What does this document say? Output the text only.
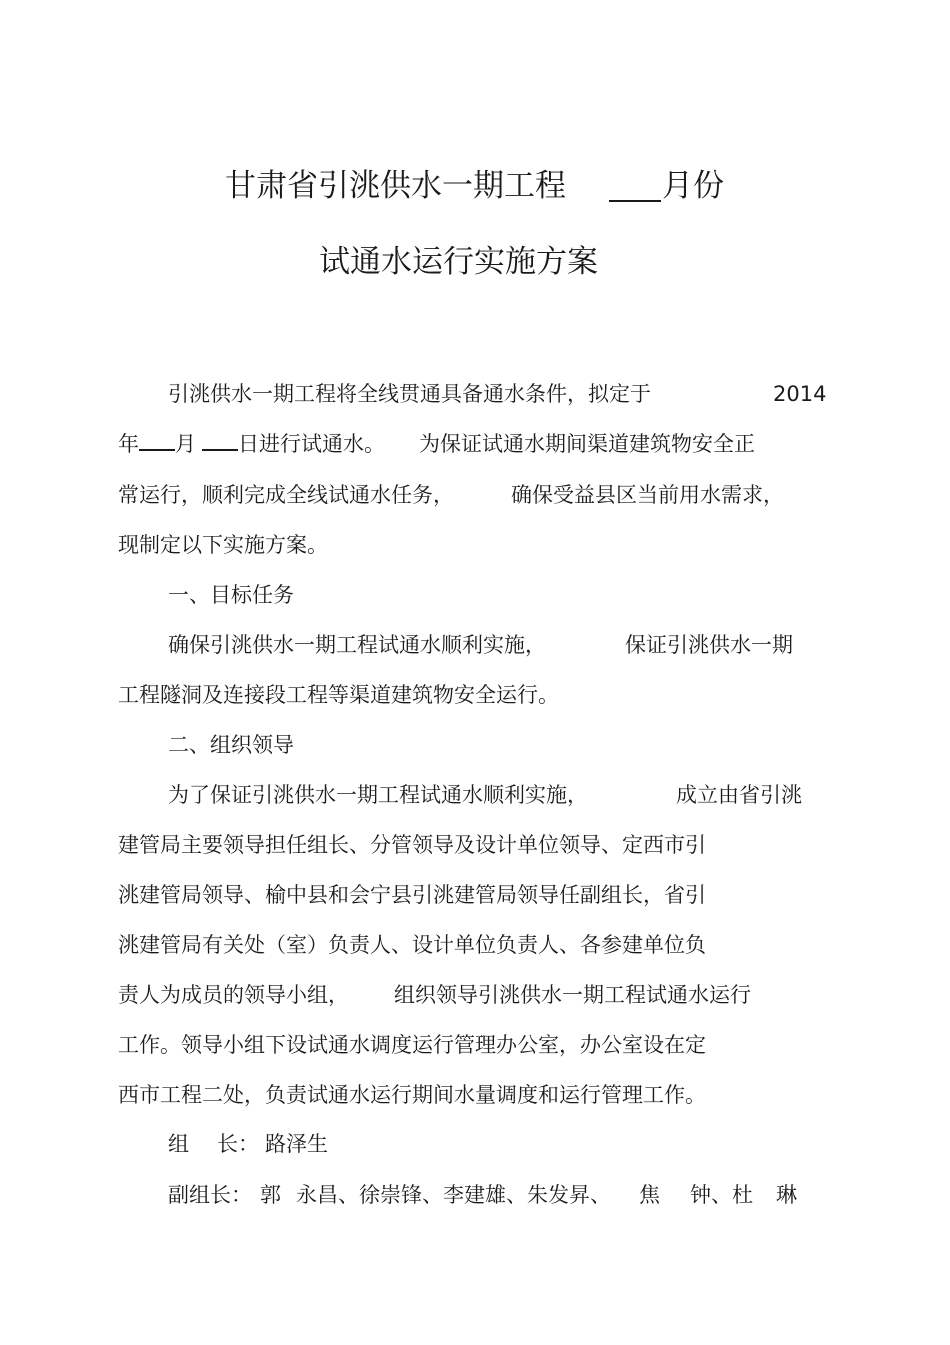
甘肃省引洮供水一期工程	月份
试通水运行实施方案
引洮供水一期工程将全线贯通具备通水条件，拟定于	2014
年 月 日进行试通水。 为保证试通水期间渠道建筑物安全正
常运行，顺利完成全线试通水任务，	确保受益县区当前用水需求，
现制定以下实施方案。
一、目标任务
确保引洮供水一期工程试通水顺利实施，	保证引洮供水一期
工程隧洞及连接段工程等渠道建筑物安全运行。
二、组织领导
为了保证引洮供水一期工程试通水顺利实施，	成立由省引洮
建管局主要领导担任组长、分管领导及设计单位领导、定西市引
洮建管局领导、榆中县和会宁县引洮建管局领导任副组长，省引
洮建管局有关处（室）负责人、设计单位负责人、各参建单位负
责人为成员的领导小组， 组织领导引洮供水一期工程试通水运行
工作。领导小组下设试通水调度运行管理办公室，办公室设在定
西市工程二处，负责试通水运行期间水量调度和运行管理工作。
组 长： 路泽生
副组长： 郭 永昌、徐崇锋、李建雄、朱发昇、 焦 钟、杜 琳
